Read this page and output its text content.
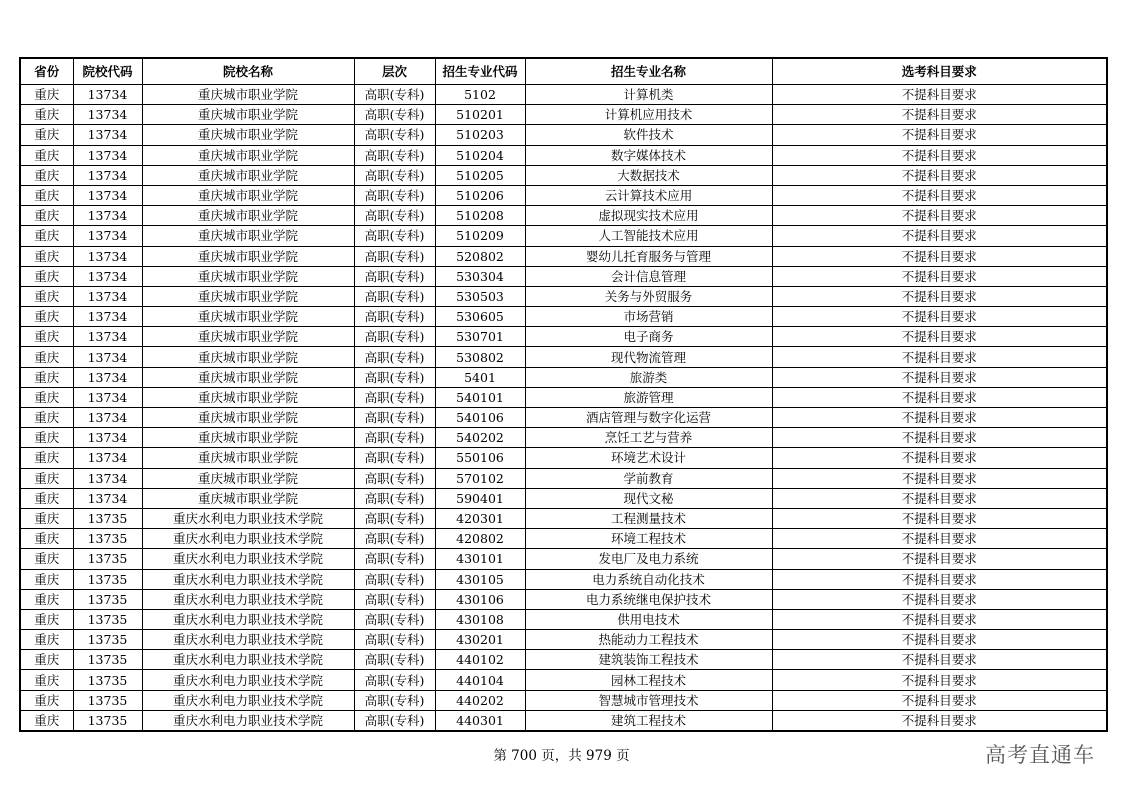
省份	院校代码	院校名称	层次	招生专业代码	招生专业名称	选考科目要求
重庆	13734	重庆城市职业学院	高职(专科)	5102	计算机类	不提科目要求
重庆	13734	重庆城市职业学院	高职(专科)	510201	计算机应用技术	不提科目要求
重庆	13734	重庆城市职业学院	高职(专科)	510203	软件技术	不提科目要求
重庆	13734	重庆城市职业学院	高职(专科)	510204	数字媒体技术	不提科目要求
重庆	13734	重庆城市职业学院	高职(专科)	510205	大数据技术	不提科目要求
重庆	13734	重庆城市职业学院	高职(专科)	510206	云计算技术应用	不提科目要求
重庆	13734	重庆城市职业学院	高职(专科)	510208	虚拟现实技术应用	不提科目要求
重庆	13734	重庆城市职业学院	高职(专科)	510209	人工智能技术应用	不提科目要求
重庆	13734	重庆城市职业学院	高职(专科)	520802	婴幼儿托育服务与管理	不提科目要求
重庆	13734	重庆城市职业学院	高职(专科)	530304	会计信息管理	不提科目要求
重庆	13734	重庆城市职业学院	高职(专科)	530503	关务与外贸服务	不提科目要求
重庆	13734	重庆城市职业学院	高职(专科)	530605	市场营销	不提科目要求
重庆	13734	重庆城市职业学院	高职(专科)	530701	电子商务	不提科目要求
重庆	13734	重庆城市职业学院	高职(专科)	530802	现代物流管理	不提科目要求
重庆	13734	重庆城市职业学院	高职(专科)	5401	旅游类	不提科目要求
重庆	13734	重庆城市职业学院	高职(专科)	540101	旅游管理	不提科目要求
重庆	13734	重庆城市职业学院	高职(专科)	540106	酒店管理与数字化运营	不提科目要求
重庆	13734	重庆城市职业学院	高职(专科)	540202	烹饪工艺与营养	不提科目要求
重庆	13734	重庆城市职业学院	高职(专科)	550106	环境艺术设计	不提科目要求
重庆	13734	重庆城市职业学院	高职(专科)	570102	学前教育	不提科目要求
重庆	13734	重庆城市职业学院	高职(专科)	590401	现代文秘	不提科目要求
重庆	13735	重庆水利电力职业技术学院	高职(专科)	420301	工程测量技术	不提科目要求
重庆	13735	重庆水利电力职业技术学院	高职(专科)	420802	环境工程技术	不提科目要求
重庆	13735	重庆水利电力职业技术学院	高职(专科)	430101	发电厂及电力系统	不提科目要求
重庆	13735	重庆水利电力职业技术学院	高职(专科)	430105	电力系统自动化技术	不提科目要求
重庆	13735	重庆水利电力职业技术学院	高职(专科)	430106	电力系统继电保护技术	不提科目要求
重庆	13735	重庆水利电力职业技术学院	高职(专科)	430108	供用电技术	不提科目要求
重庆	13735	重庆水利电力职业技术学院	高职(专科)	430201	热能动力工程技术	不提科目要求
重庆	13735	重庆水利电力职业技术学院	高职(专科)	440102	建筑装饰工程技术	不提科目要求
重庆	13735	重庆水利电力职业技术学院	高职(专科)	440104	园林工程技术	不提科目要求
重庆	13735	重庆水利电力职业技术学院	高职(专科)	440202	智慧城市管理技术	不提科目要求
重庆	13735	重庆水利电力职业技术学院	高职(专科)	440301	建筑工程技术	不提科目要求
第 700 页，共 979 页	高考直通车
